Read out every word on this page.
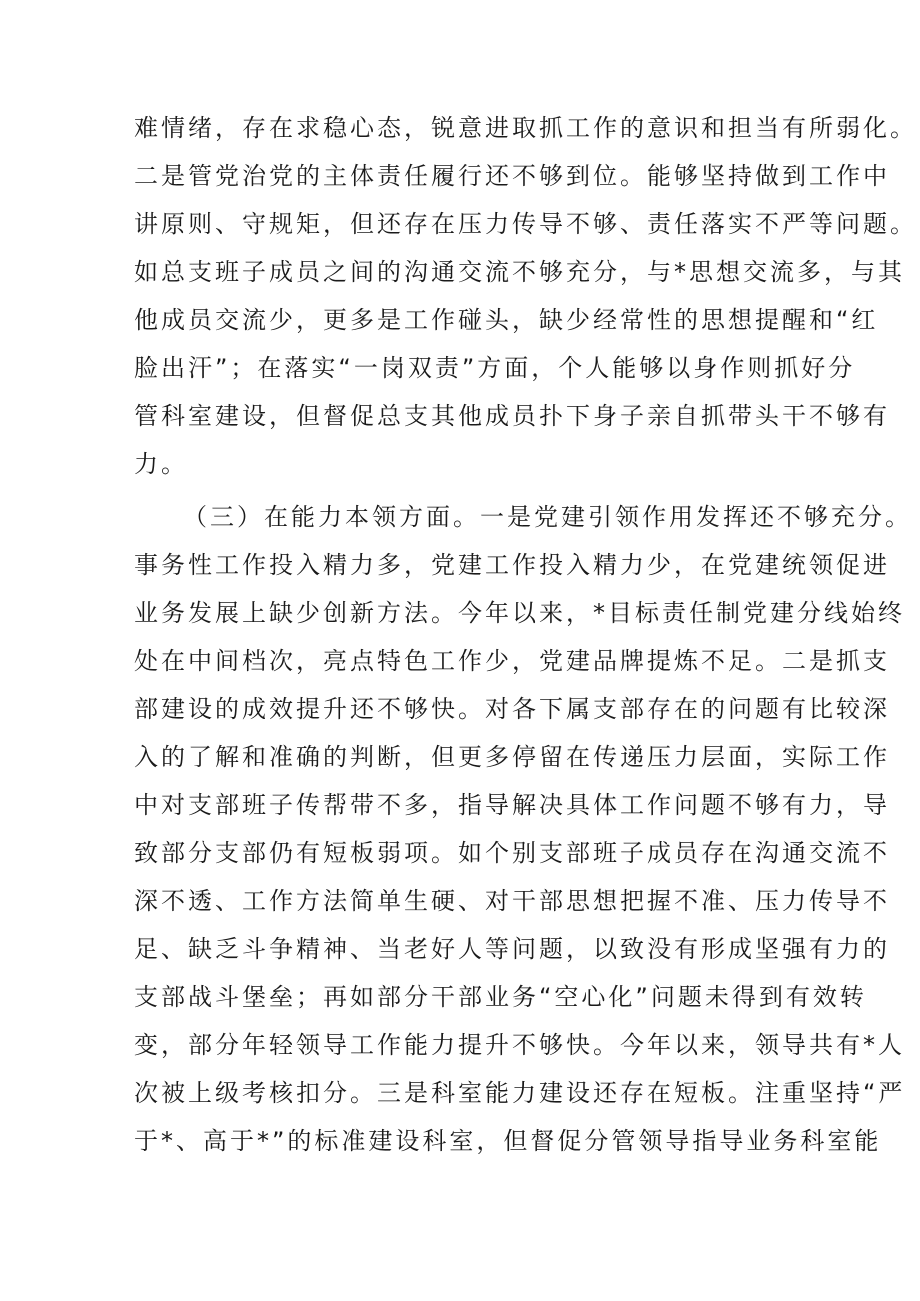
难情绪，存在求稳心态，锐意进取抓工作的意识和担当有所弱化。

二是管党治党的主体责任履行还不够到位。能够坚持做到工作中

讲原则、守规矩，但还存在压力传导不够、责任落实不严等问题。

如总支班子成员之间的沟通交流不够充分，与*思想交流多，与其

他成员交流少，更多是工作碰头，缺少经常性的思想提醒和“红

脸出汗”；在落实“一岗双责”方面，个人能够以身作则抓好分

管科室建设，但督促总支其他成员扑下身子亲自抓带头干不够有

力。

（三）在能力本领方面。一是党建引领作用发挥还不够充分。

事务性工作投入精力多，党建工作投入精力少，在党建统领促进

业务发展上缺少创新方法。今年以来，*目标责任制党建分线始终

处在中间档次，亮点特色工作少，党建品牌提炼不足。二是抓支

部建设的成效提升还不够快。对各下属支部存在的问题有比较深

入的了解和准确的判断，但更多停留在传递压力层面，实际工作

中对支部班子传帮带不多，指导解决具体工作问题不够有力，导

致部分支部仍有短板弱项。如个别支部班子成员存在沟通交流不

深不透、工作方法简单生硬、对干部思想把握不准、压力传导不

足、缺乏斗争精神、当老好人等问题，以致没有形成坚强有力的

支部战斗堡垒；再如部分干部业务“空心化”问题未得到有效转

变，部分年轻领导工作能力提升不够快。今年以来，领导共有*人

次被上级考核扣分。三是科室能力建设还存在短板。注重坚持“严

于*、高于*”的标准建设科室，但督促分管领导指导业务科室能
